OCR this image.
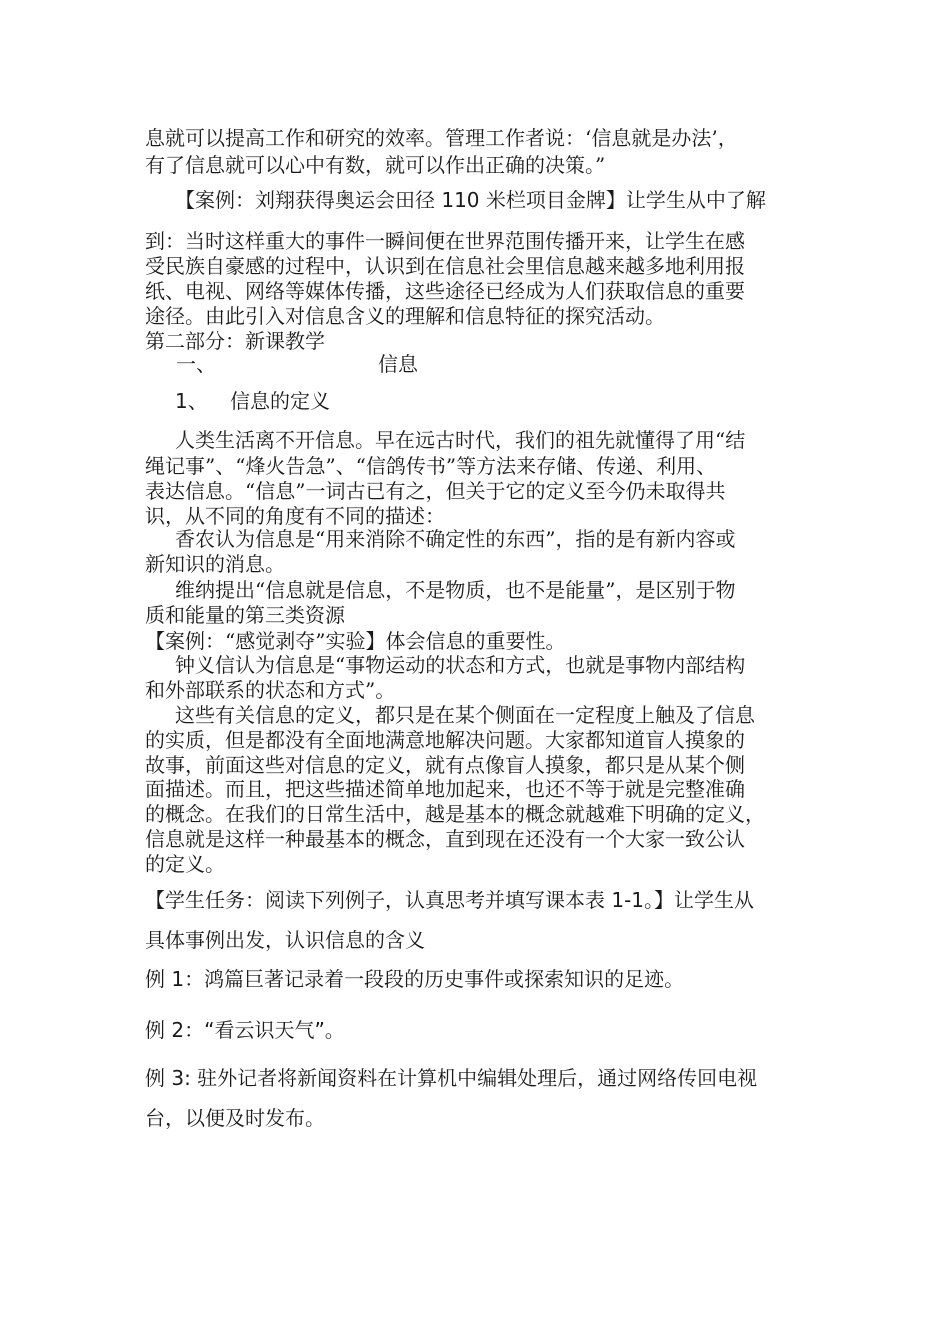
息就可以提高工作和研究的效率。管理工作者说：‘信息就是办法’，
有了信息就可以心中有数，就可以作出正确的决策。”
【案例：刘翔获得奥运会田径 110 米栏项目金牌】让学生从中了解
到：当时这样重大的事件一瞬间便在世界范围传播开来，让学生在感
受民族自豪感的过程中，认识到在信息社会里信息越来越多地利用报
纸、电视、网络等媒体传播，这些途径已经成为人们获取信息的重要
途径。由此引入对信息含义的理解和信息特征的探究活动。
第二部分：新课教学
一、	信息
1、 信息的定义
人类生活离不开信息。早在远古时代，我们的祖先就懂得了用“结
绳记事”、“烽火告急”、“信鸽传书”等方法来存储、传递、利用、
表达信息。“信息”一词古已有之，但关于它的定义至今仍未取得共
识，从不同的角度有不同的描述：
香农认为信息是“用来消除不确定性的东西”，指的是有新内容或
新知识的消息。
维纳提出“信息就是信息，不是物质，也不是能量”，是区别于物
质和能量的第三类资源
【案例：“感觉剥夺”实验】体会信息的重要性。
钟义信认为信息是“事物运动的状态和方式，也就是事物内部结构
和外部联系的状态和方式”。
这些有关信息的定义，都只是在某个侧面在一定程度上触及了信息
的实质，但是都没有全面地满意地解决问题。大家都知道盲人摸象的
故事，前面这些对信息的定义，就有点像盲人摸象，都只是从某个侧
面描述。而且，把这些描述简单地加起来，也还不等于就是完整准确
的概念。在我们的日常生活中，越是基本的概念就越难下明确的定义，
信息就是这样一种最基本的概念，直到现在还没有一个大家一致公认
的定义。
【学生任务：阅读下列例子，认真思考并填写课本表 1-1。】让学生从
具体事例出发，认识信息的含义
例 1：鸿篇巨著记录着一段段的历史事件或探索知识的足迹。
例 2：“看云识天气”。
例 3: 驻外记者将新闻资料在计算机中编辑处理后，通过网络传回电视
台，以便及时发布。
